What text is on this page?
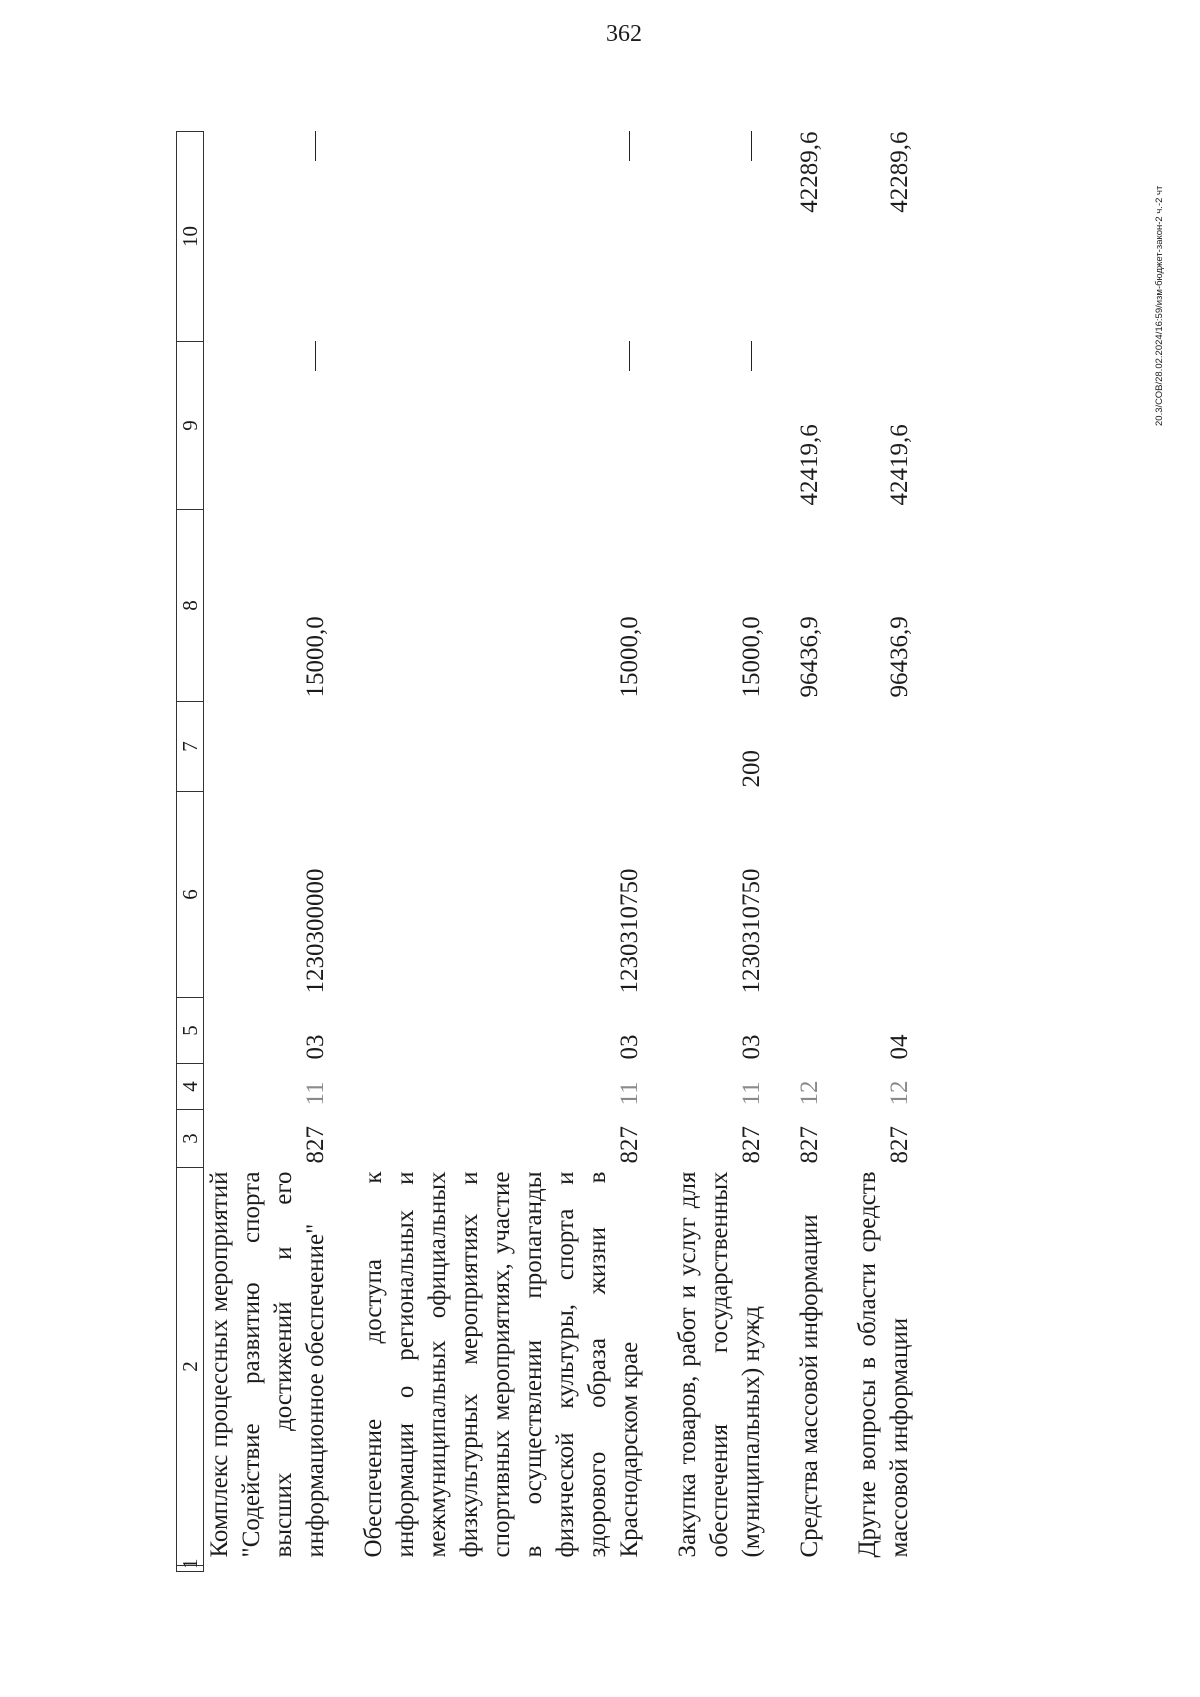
362
20.3/СОВ/28.02.2024/16:59/изм-бюджет-закон-2 ч.-2 чт
1	2	3	4	5	6	7	8	9	10
	Комплекс процессных мероприятий "Содействие развитию спорта высших достижений и его информационное обеспечение"	827	11	03	1230300000		15000,0		

	Обеспечение доступа к информации о региональных и межмуниципальных официальных физкультурных мероприятиях и спортивных мероприятиях, участие в осуществлении пропаганды физической культуры, спорта и здорового образа жизни в Краснодарском крае	827	11	03	1230310750		15000,0		

	Закупка товаров, работ и услуг для обеспечения государственных (муниципальных) нужд	827	11	03	1230310750	200	15000,0		

	Средства массовой информации	827	12				96436,9	42419,6	42289,6

	Другие вопросы в области средств массовой информации	827	12	04			96436,9	42419,6	42289,6
